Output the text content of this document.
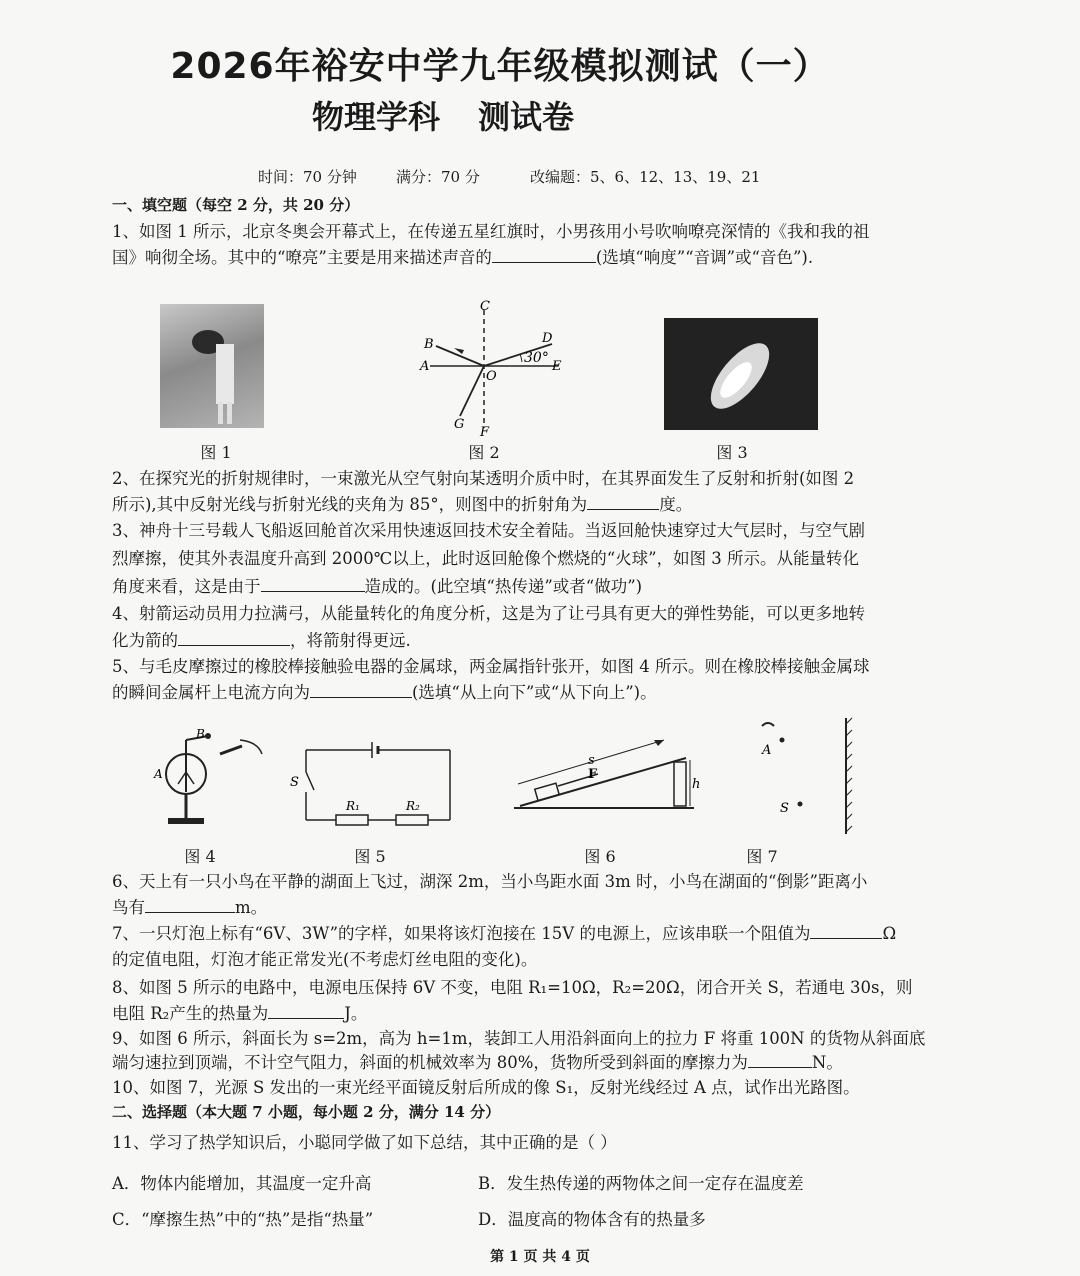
2026年裕安中学九年级模拟测试（一）
物理学科 测试卷
时间：70 分钟	满分：70 分	改编题：5、6、12、13、19、21
一、填空题（每空 2 分，共 20 分）
1、如图 1 所示，北京冬奥会开幕式上，在传递五星红旗时，小男孩用小号吹响嘹亮深情的《我和我的祖
国》响彻全场。其中的“嘹亮”主要是用来描述声音的	(选填“响度”“音调”或“音色”).
图 1
C
B
A
O
D
E
30°
G
F
图 2	图 3
2、在探究光的折射规律时，一束激光从空气射向某透明介质中时，在其界面发生了反射和折射(如图 2
所示),其中反射光线与折射光线的夹角为 85°，则图中的折射角为	度。
3、神舟十三号载人飞船返回舱首次采用快速返回技术安全着陆。当返回舱快速穿过大气层时，与空气剧
烈摩擦，使其外表温度升高到 2000℃以上，此时返回舱像个燃烧的“火球”，如图 3 所示。从能量转化
角度来看，这是由于	造成的。(此空填“热传递”或者“做功”)
4、射箭运动员用力拉满弓，从能量转化的角度分析，这是为了让弓具有更大的弹性势能，可以更多地转
化为箭的	，将箭射得更远.
5、与毛皮摩擦过的橡胶棒接触验电器的金属球，两金属指针张开，如图 4 所示。则在橡胶棒接触金属球
的瞬间金属杆上电流方向为	(选填“从上向下”或“从下向上”)。
A
B
图 4
S
R₁	R₂
图 5
s
F
h
图 6
A
S
图 7
6、天上有一只小鸟在平静的湖面上飞过，湖深 2m，当小鸟距水面 3m 时，小鸟在湖面的“倒影”距离小
鸟有	m。
7、一只灯泡上标有“6V、3W”的字样，如果将该灯泡接在 15V 的电源上，应该串联一个阻值为	Ω
的定值电阻，灯泡才能正常发光(不考虑灯丝电阻的变化)。
8、如图 5 所示的电路中，电源电压保持 6V 不变，电阻 R₁=10Ω，R₂=20Ω，闭合开关 S，若通电 30s，则
电阻 R₂产生的热量为	J。
9、如图 6 所示，斜面长为 s=2m，高为 h=1m，装卸工人用沿斜面向上的拉力 F 将重 100N 的货物从斜面底
端匀速拉到顶端，不计空气阻力，斜面的机械效率为 80%，货物所受到斜面的摩擦力为	N。
10、如图 7，光源 S 发出的一束光经平面镜反射后所成的像 S₁，反射光线经过 A 点，试作出光路图。
二、选择题（本大题 7 小题，每小题 2 分，满分 14 分）
11、学习了热学知识后，小聪同学做了如下总结，其中正确的是（ ）
A．物体内能增加，其温度一定升高	B．发生热传递的两物体之间一定存在温度差
C．“摩擦生热”中的“热”是指“热量”	D．温度高的物体含有的热量多
第 1 页 共 4 页
